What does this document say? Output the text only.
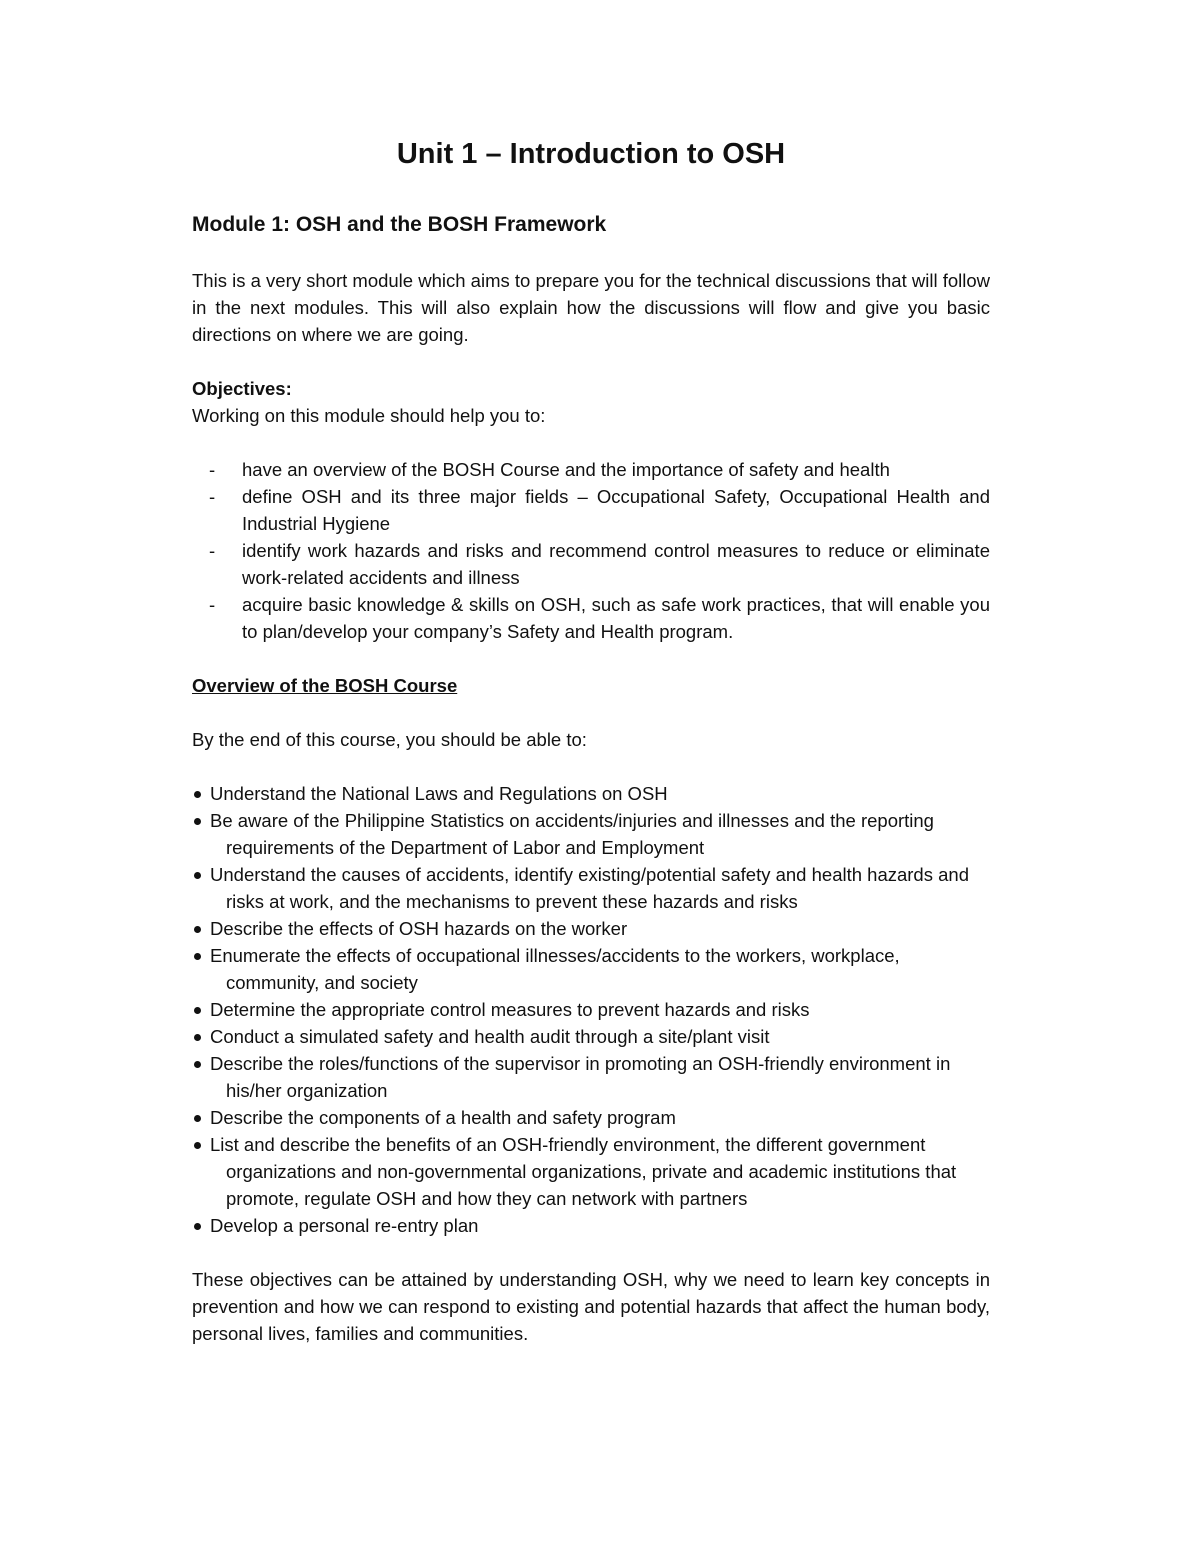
Unit 1 – Introduction to OSH
Module 1: OSH and the BOSH Framework

This is a very short module which aims to prepare you for the technical discussions that will follow in the next modules. This will also explain how the discussions will flow and give you basic directions on where we are going.

Objectives:

Working on this module should help you to:

- have an overview of the BOSH Course and the importance of safety and health
- define OSH and its three major fields – Occupational Safety, Occupational Health and Industrial Hygiene
- identify work hazards and risks and recommend control measures to reduce or eliminate work-related accidents and illness
- acquire basic knowledge & skills on OSH, such as safe work practices, that will enable you to plan/develop your company’s Safety and Health program.

Overview of the BOSH Course

By the end of this course, you should be able to:

Understand the National Laws and Regulations on OSH
Be aware of the Philippine Statistics on accidents/injuries and illnesses and the reporting requirements of the Department of Labor and Employment
Understand the causes of accidents, identify existing/potential safety and health hazards and risks at work, and the mechanisms to prevent these hazards and risks
Describe the effects of OSH hazards on the worker
Enumerate the effects of occupational illnesses/accidents to the workers, workplace, community, and society
Determine the appropriate control measures to prevent hazards and risks
Conduct a simulated safety and health audit through a site/plant visit
Describe the roles/functions of the supervisor in promoting an OSH-friendly environment in his/her organization
Describe the components of a health and safety program
List and describe the benefits of an OSH-friendly environment, the different government organizations and non-governmental organizations, private and academic institutions that promote, regulate OSH and how they can network with partners
Develop a personal re-entry plan

These objectives can be attained by understanding OSH, why we need to learn key concepts in prevention and how we can respond to existing and potential hazards that affect the human body, personal lives, families and communities.
